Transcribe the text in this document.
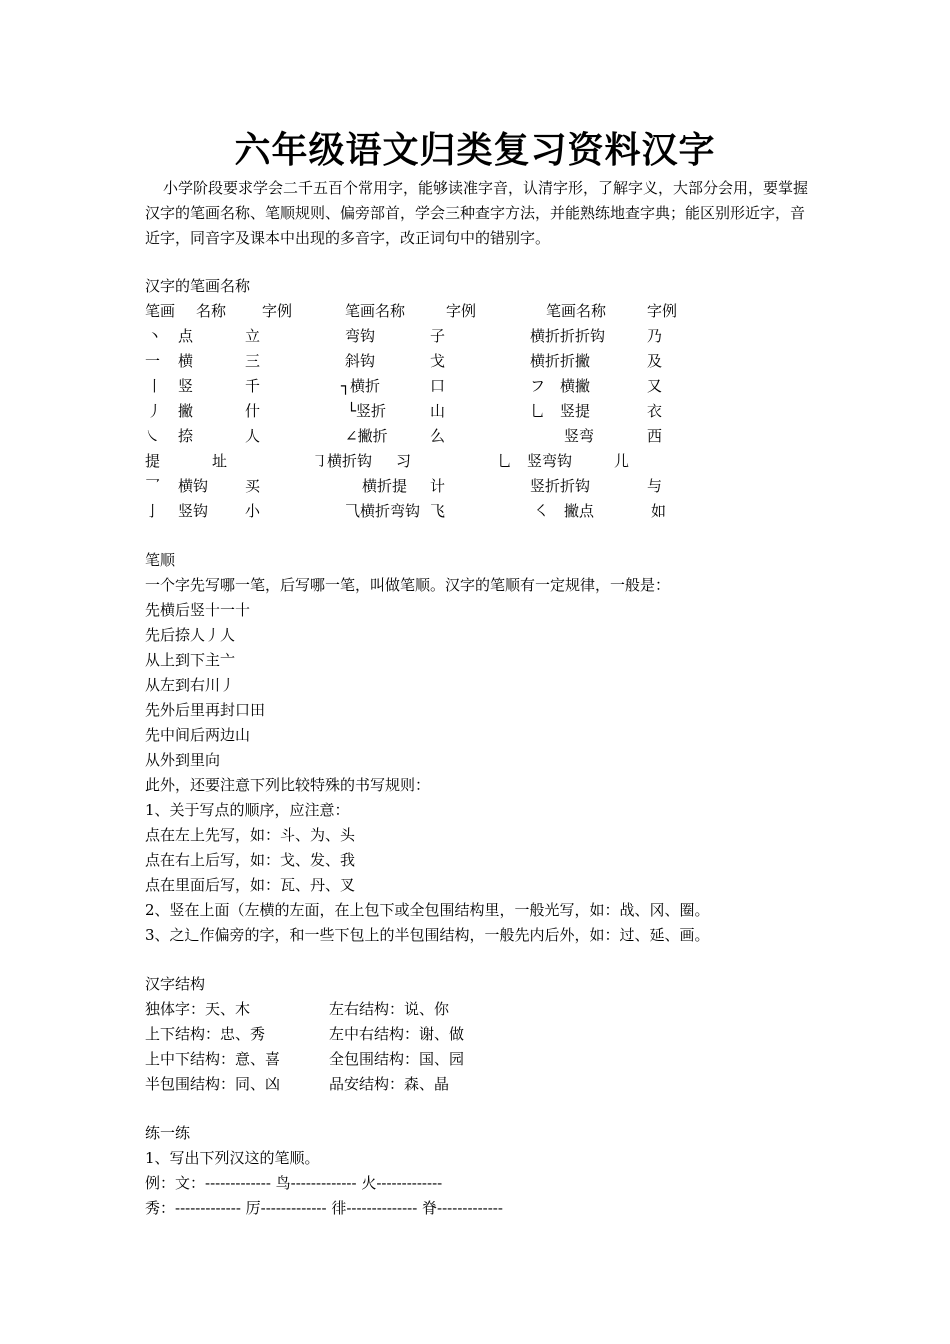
六年级语文归类复习资料汉字

小学阶段要求学会二千五百个常用字，能够读准字音，认清字形，了解字义，大部分会用，要掌握汉字的笔画名称、笔顺规则、偏旁部首，学会三种查字方法，并能熟练地查字典；能区别形近字，音近字，同音字及课本中出现的多音字，改正词句中的错别字。

汉字的笔画名称
笔画 名称 字例	笔画名称	字例	笔画名称	字例
丶 点	立	弯钩	子	横折折折钩	乃
一 横	三	斜钩	戈	横折折撇	及
丨 竖	千	┐横折	口	フ　横撇	又
丿 撇	什	└竖折	山	乚　竖提	衣
㇏ 捺	人	∠撇折	么	竖弯	西
提	址	㇆横折钩 习	乚　竖弯钩	儿
乛 横钩 买	横折提 计	竖折折钩	与
亅 竖钩 小	⺄横折弯钩 飞	㇛　撇点	如
笔顺
一个字先写哪一笔，后写哪一笔，叫做笔顺。汉字的笔顺有一定规律，一般是：
先横后竖十一十
先后捺人丿人
从上到下主亠
从左到右川丿
先外后里再封口田
先中间后两边山
从外到里向
此外，还要注意下列比较特殊的书写规则：
1、关于写点的顺序，应注意：
点在左上先写，如：斗、为、头
点在右上后写，如：戈、发、我
点在里面后写，如：瓦、丹、叉
2、竖在上面（左横的左面，在上包下或全包围结构里，一般光写，如：战、冈、圈。
3、之辶作偏旁的字，和一些下包上的半包围结构，一般先内后外，如：过、延、画。
汉字结构
独体字：天、木	左右结构：说、你
上下结构：忠、秀	左中右结构：谢、做
上中下结构：意、喜	全包围结构：国、园
半包围结构：同、凶	品安结构：森、晶
练一练
1、写出下列汉这的笔顺。
例：文：------------- 鸟------------- 火-------------
秀：------------- 厉------------- 徘-------------- 脊-------------
